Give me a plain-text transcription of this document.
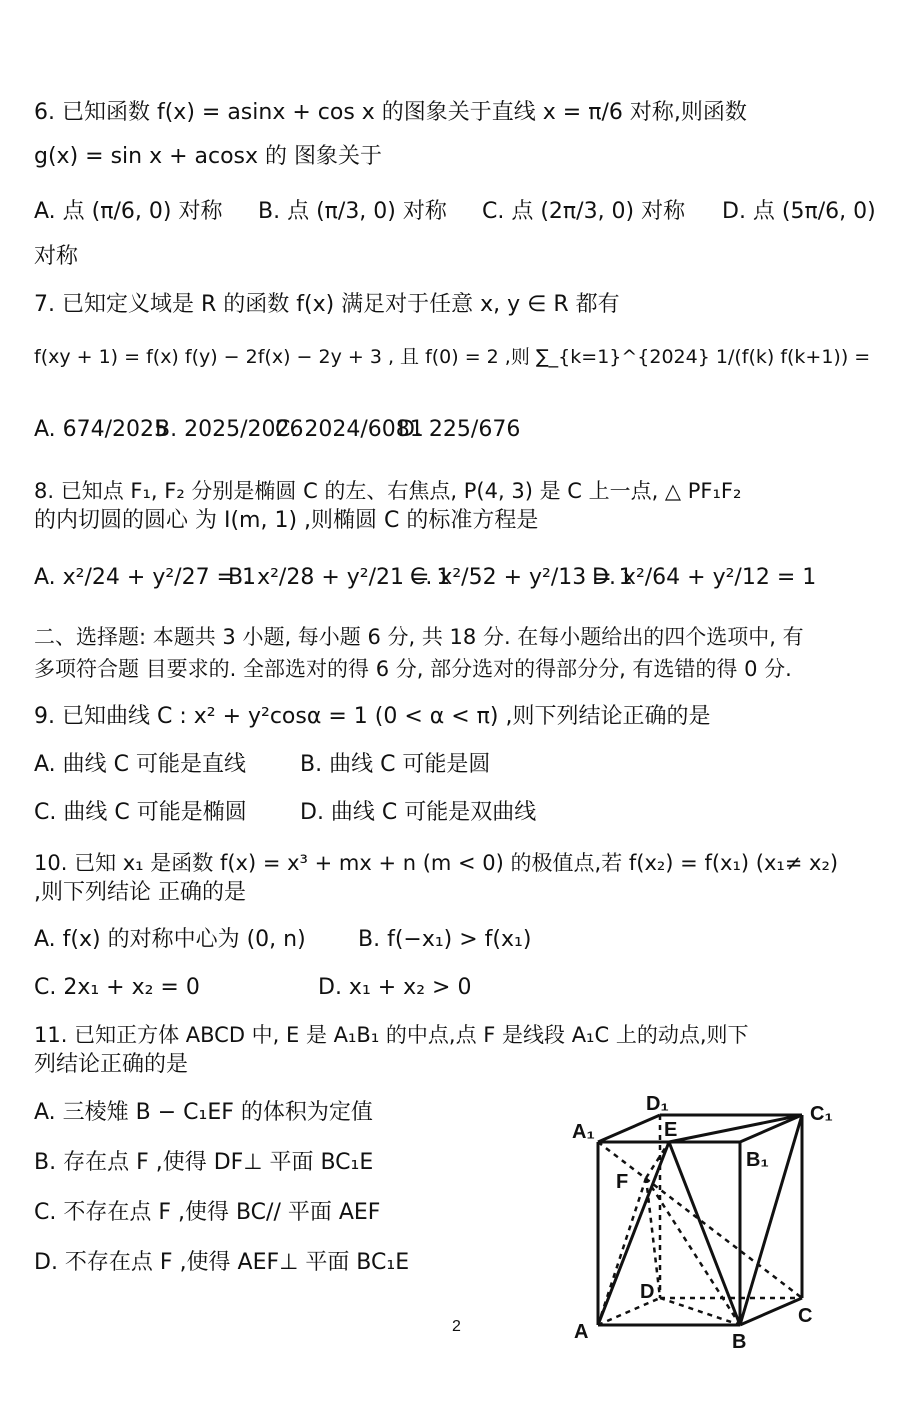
6. 已知函数 f(x) = asinx + cos x 的图象关于直线 x = π/6 对称,则函数
g(x) = sin x + acosx 的 图象关于
A. 点 (π/6, 0) 对称 B. 点 (π/3, 0) 对称 C. 点 (2π/3, 0) 对称 D. 点 (5π/6, 0)
对称
7. 已知定义域是 R 的函数 f(x) 满足对于任意 x, y ∈ R 都有
f(xy + 1) = f(x) f(y) − 2f(x) − 2y + 3 , 且 f(0) = 2 ,则 ∑_{k=1}^{2024} 1/(f(k) f(k+1)) =
A. 674/2025
B. 2025/2026
C. 2024/6081
D. 225/676
8. 已知点 F₁, F₂ 分别是椭圆 C 的左、右焦点, P(4, 3) 是 C 上一点, △ PF₁F₂
的内切圆的圆心 为 I(m, 1) ,则椭圆 C 的标准方程是
A. x²/24 + y²/27 = 1
B. x²/28 + y²/21 = 1
C. x²/52 + y²/13 = 1
D. x²/64 + y²/12 = 1
二、选择题: 本题共 3 小题, 每小题 6 分, 共 18 分. 在每小题给出的四个选项中, 有
多项符合题 目要求的. 全部选对的得 6 分, 部分选对的得部分分, 有选错的得 0 分.
9. 已知曲线 C : x² + y²cosα = 1 (0 < α < π) ,则下列结论正确的是
A. 曲线 C 可能是直线 B. 曲线 C 可能是圆
C. 曲线 C 可能是椭圆 D. 曲线 C 可能是双曲线
10. 已知 x₁ 是函数 f(x) = x³ + mx + n (m < 0) 的极值点,若 f(x₂) = f(x₁) (x₁≠ x₂)
,则下列结论 正确的是
A. f(x) 的对称中心为 (0, n) B. f(−x₁) > f(x₁)
C. 2x₁ + x₂ = 0	D. x₁ + x₂ > 0
11. 已知正方体 ABCD 中, E 是 A₁B₁ 的中点,点 F 是线段 A₁C 上的动点,则下
列结论正确的是
A. 三棱雉 B − C₁EF 的体积为定值
B. 存在点 F ,使得 DF⊥ 平面 BC₁E
C. 不存在点 F ,使得 BC// 平面 AEF
D. 不存在点 F ,使得 AEF⊥ 平面 BC₁E
A₁
D₁
E
C₁
B₁
F
D
A	B
C
2
